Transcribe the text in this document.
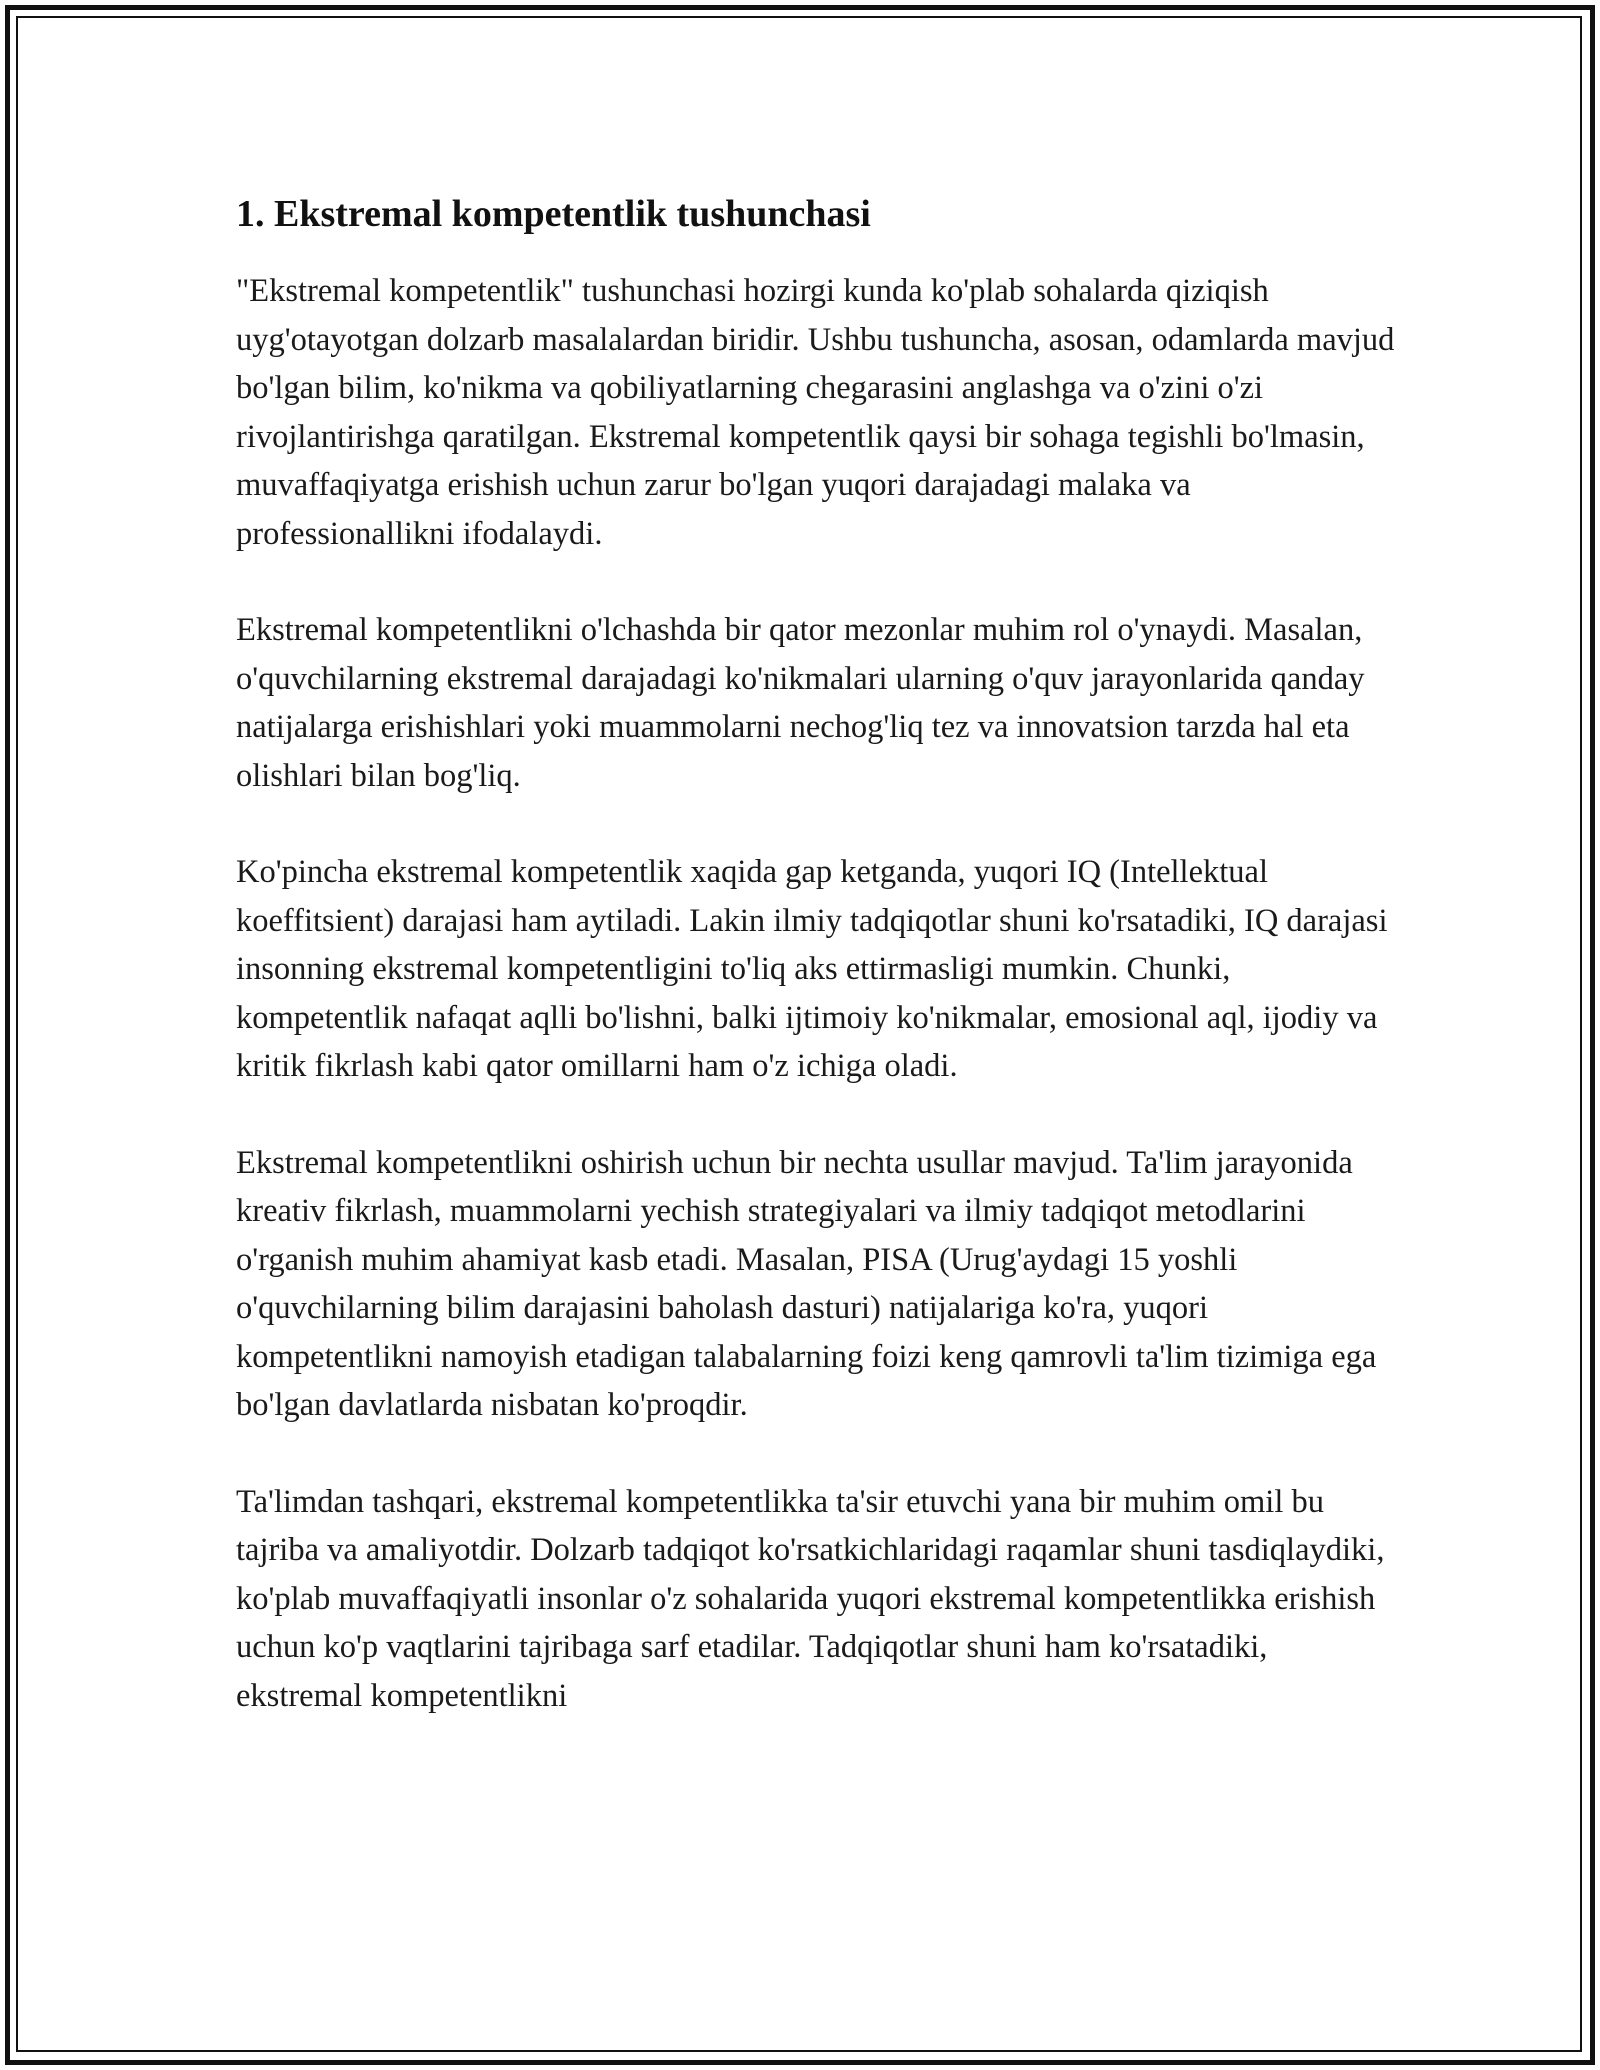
1. Ekstremal kompetentlik tushunchasi

"Ekstremal kompetentlik" tushunchasi hozirgi kunda ko'plab sohalarda qiziqish uyg'otayotgan dolzarb masalalardan biridir. Ushbu tushuncha, asosan, odamlarda mavjud bo'lgan bilim, ko'nikma va qobiliyatlarning chegarasini anglashga va o'zini o'zi rivojlantirishga qaratilgan. Ekstremal kompetentlik qaysi bir sohaga tegishli bo'lmasin, muvaffaqiyatga erishish uchun zarur bo'lgan yuqori darajadagi malaka va professionallikni ifodalaydi.

Ekstremal kompetentlikni o'lchashda bir qator mezonlar muhim rol o'ynaydi. Masalan, o'quvchilarning ekstremal darajadagi ko'nikmalari ularning o'quv jarayonlarida qanday natijalarga erishishlari yoki muammolarni nechog'liq tez va innovatsion tarzda hal eta olishlari bilan bog'liq.

Ko'pincha ekstremal kompetentlik xaqida gap ketganda, yuqori IQ (Intellektual koeffitsient) darajasi ham aytiladi. Lakin ilmiy tadqiqotlar shuni ko'rsatadiki, IQ darajasi insonning ekstremal kompetentligini to'liq aks ettirmasligi mumkin. Chunki, kompetentlik nafaqat aqlli bo'lishni, balki ijtimoiy ko'nikmalar, emosional aql, ijodiy va kritik fikrlash kabi qator omillarni ham o'z ichiga oladi.

Ekstremal kompetentlikni oshirish uchun bir nechta usullar mavjud. Ta'lim jarayonida kreativ fikrlash, muammolarni yechish strategiyalari va ilmiy tadqiqot metodlarini o'rganish muhim ahamiyat kasb etadi. Masalan, PISA (Urug'aydagi 15 yoshli o'quvchilarning bilim darajasini baholash dasturi) natijalariga ko'ra, yuqori kompetentlikni namoyish etadigan talabalarning foizi keng qamrovli ta'lim tizimiga ega bo'lgan davlatlarda nisbatan ko'proqdir.

Ta'limdan tashqari, ekstremal kompetentlikka ta'sir etuvchi yana bir muhim omil bu tajriba va amaliyotdir. Dolzarb tadqiqot ko'rsatkichlaridagi raqamlar shuni tasdiqlaydiki, ko'plab muvaffaqiyatli insonlar o'z sohalarida yuqori ekstremal kompetentlikka erishish uchun ko'p vaqtlarini tajribaga sarf etadilar. Tadqiqotlar shuni ham ko'rsatadiki, ekstremal kompetentlikni
